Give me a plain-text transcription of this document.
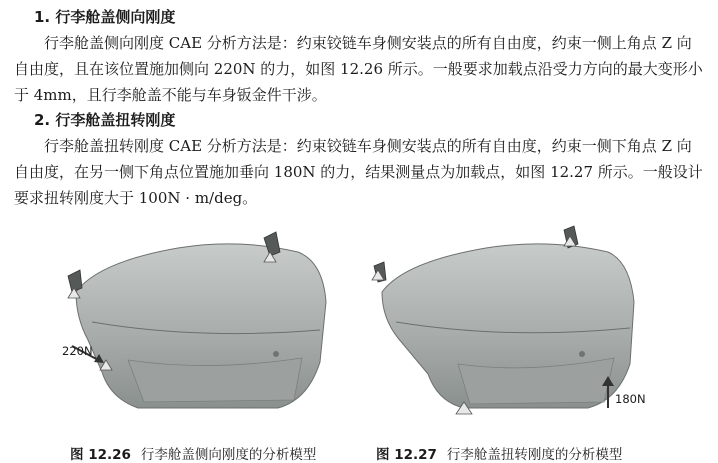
1. 行李舱盖侧向刚度

行李舱盖侧向刚度 CAE 分析方法是：约束铰链车身侧安装点的所有自由度，约束一侧上角点 Z 向自由度，且在该位置施加侧向 220N 的力，如图 12.26 所示。一般要求加载点沿受力方向的最大变形小于 4mm，且行李舱盖不能与车身钣金件干涉。

2. 行李舱盖扭转刚度

行李舱盖扭转刚度 CAE 分析方法是：约束铰链车身侧安装点的所有自由度，约束一侧下角点 Z 向自由度，在另一侧下角点位置施加垂向 180N 的力，结果测量点为加载点，如图 12.27 所示。一般设计要求扭转刚度大于 100N · m/deg。

220N
180N
图 12.26 行李舱盖侧向刚度的分析模型	图 12.27 行李舱盖扭转刚度的分析模型
